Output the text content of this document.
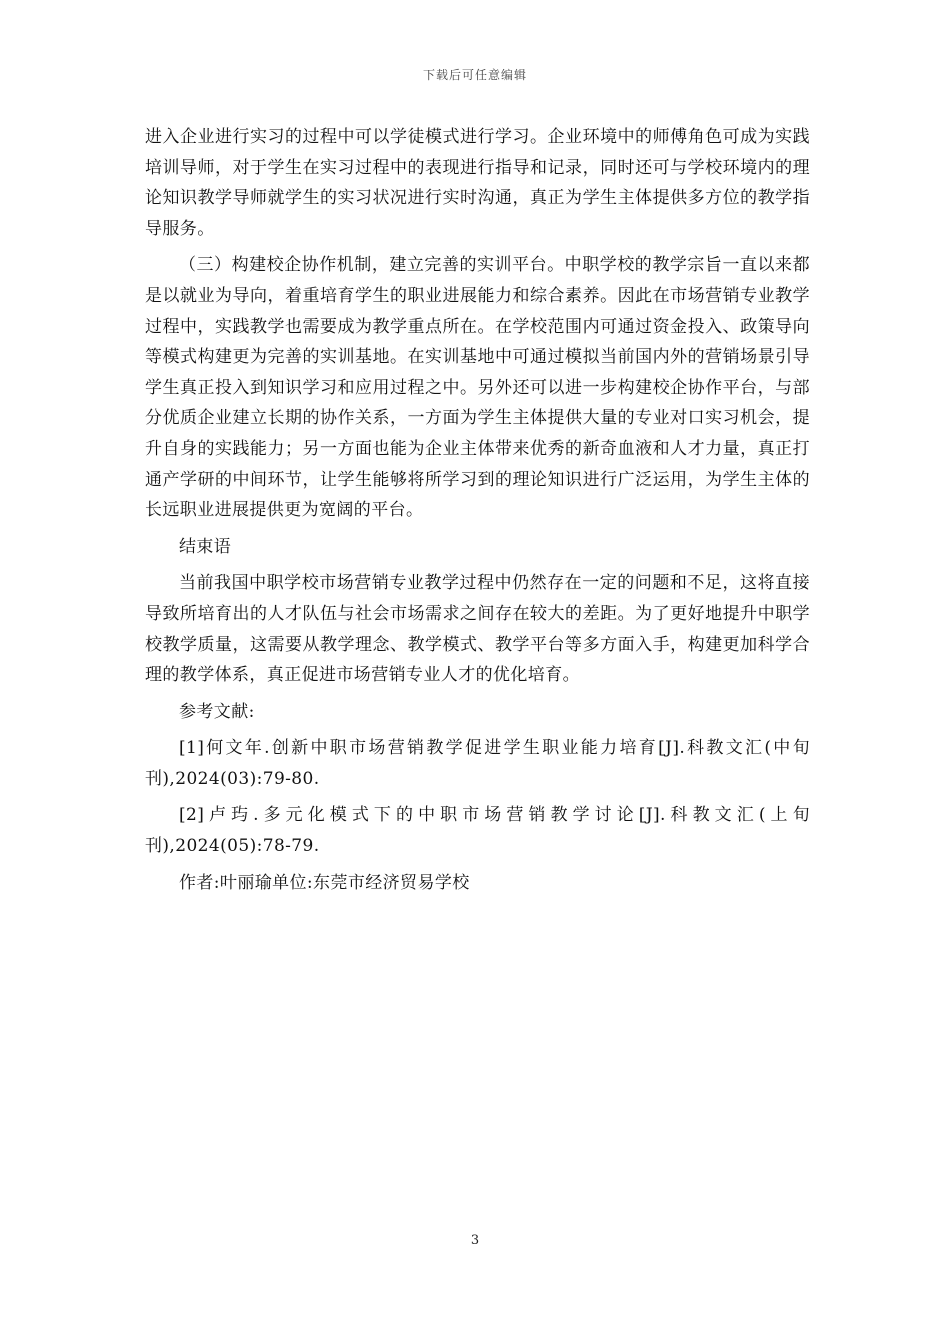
下载后可任意编辑

进入企业进行实习的过程中可以学徒模式进行学习。企业环境中的师傅角色可成为实践培训导师，对于学生在实习过程中的表现进行指导和记录，同时还可与学校环境内的理论知识教学导师就学生的实习状况进行实时沟通，真正为学生主体提供多方位的教学指导服务。

（三）构建校企协作机制，建立完善的实训平台。中职学校的教学宗旨一直以来都是以就业为导向，着重培育学生的职业进展能力和综合素养。因此在市场营销专业教学过程中，实践教学也需要成为教学重点所在。在学校范围内可通过资金投入、政策导向等模式构建更为完善的实训基地。在实训基地中可通过模拟当前国内外的营销场景引导学生真正投入到知识学习和应用过程之中。另外还可以进一步构建校企协作平台，与部分优质企业建立长期的协作关系，一方面为学生主体提供大量的专业对口实习机会，提升自身的实践能力；另一方面也能为企业主体带来优秀的新奇血液和人才力量，真正打通产学研的中间环节，让学生能够将所学习到的理论知识进行广泛运用，为学生主体的长远职业进展提供更为宽阔的平台。

结束语

当前我国中职学校市场营销专业教学过程中仍然存在一定的问题和不足，这将直接导致所培育出的人才队伍与社会市场需求之间存在较大的差距。为了更好地提升中职学校教学质量，这需要从教学理念、教学模式、教学平台等多方面入手，构建更加科学合理的教学体系，真正促进市场营销专业人才的优化培育。

参考文献:

[1]何文年.创新中职市场营销教学促进学生职业能力培育[J].科教文汇(中旬刊),2024(03):79-80.

[2]卢玙.多元化模式下的中职市场营销教学讨论[J].科教文汇(上旬刊),2024(05):78-79.

作者:叶丽瑜单位:东莞市经济贸易学校

3
